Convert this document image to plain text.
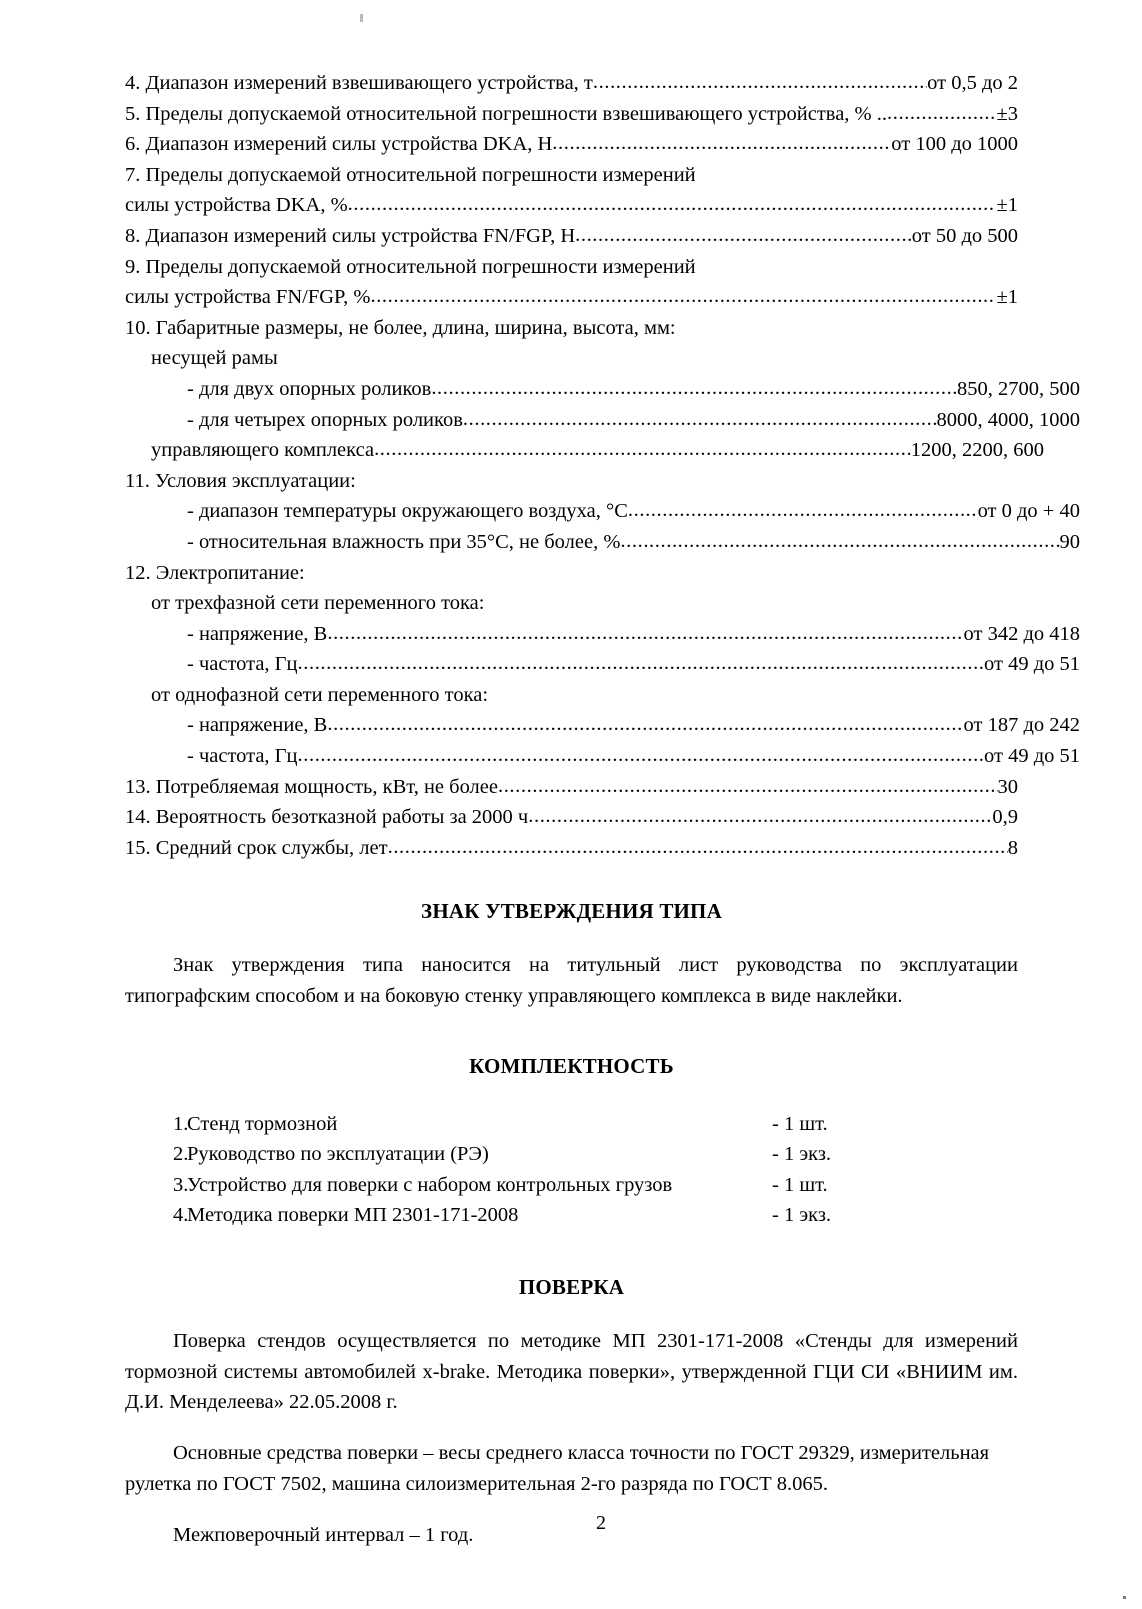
4. Диапазон измерений взвешивающего устройства, т .....	от 0,5 до 2
5. Пределы допускаемой относительной погрешности взвешивающего устройства, % .. .....	±3
6. Диапазон измерений силы устройства DKA, Н .....	от 100 до 1000
7. Пределы допускаемой относительной погрешности измерений
силы устройства DKA, % .....	±1
8. Диапазон измерений силы устройства FN/FGP, Н .....	от 50 до 500
9. Пределы допускаемой относительной погрешности измерений
силы устройства FN/FGP, % .....	±1
10. Габаритные размеры, не более, длина, ширина, высота, мм:
несущей рамы
- для двух опорных роликов .....	850, 2700, 500
- для четырех опорных роликов .....	8000, 4000, 1000
управляющего комплекса .....	1200, 2200, 600
11. Условия эксплуатации:
- диапазон температуры окружающего воздуха, °С .....	от 0 до + 40
- относительная влажность при 35°С, не более, % .....	90
12. Электропитание:
от трехфазной сети переменного тока:
- напряжение, В .....	от 342 до 418
- частота, Гц .....	от 49 до 51
от однофазной сети переменного тока:
- напряжение, В .....	от 187 до 242
- частота, Гц .....	от 49 до 51
13. Потребляемая мощность, кВт, не более .....	30
14. Вероятность безотказной работы за 2000 ч .....	0,9
15. Средний срок службы, лет .....	8
ЗНАК УТВЕРЖДЕНИЯ ТИПА

Знак утверждения типа наносится на титульный лист руководства по эксплуатации типографским способом и на боковую стенку управляющего комплекса в виде наклейки.

КОМПЛЕКТНОСТЬ
1.
Стенд тормозной	- 1 шт.
2.
Руководство по эксплуатации (РЭ)	- 1 экз.
3.
Устройство для поверки с набором контрольных грузов	- 1 шт.
4.
Методика поверки МП 2301-171-2008	- 1 экз.
ПОВЕРКА

Поверка стендов осуществляется по методике МП 2301-171-2008 «Стенды для измерений тормозной системы автомобилей x-brake. Методика поверки», утвержденной ГЦИ СИ «ВНИИМ им. Д.И. Менделеева» 22.05.2008 г.

Основные средства поверки – весы среднего класса точности по ГОСТ 29329, измерительная рулетка по ГОСТ 7502, машина силоизмерительная 2-го разряда по ГОСТ 8.065.

Межповерочный интервал – 1 год.

2
